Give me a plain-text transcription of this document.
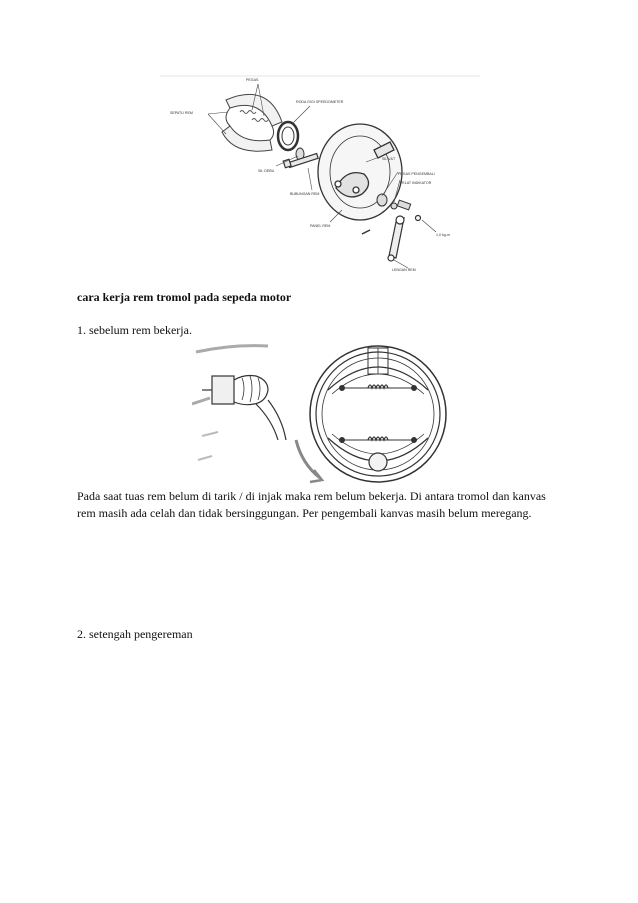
PEGAS
SEPATU REM
RODA GIGI SPEEDOMETER
SIL DEBU
SIL V&T
PEGAS PENGEMBALI
PELAT INDIKATOR
BUBUNGAN REM
PANEL REM
1,0 kg-m
LENGAN REM
cara kerja rem tromol pada sepeda motor
1. sebelum rem bekerja.

Pada saat tuas rem belum di tarik / di injak maka rem belum bekerja. Di antara tromol dan kanvas rem masih ada celah dan tidak bersinggungan. Per pengembali kanvas masih belum meregang.

2. setengah pengereman
